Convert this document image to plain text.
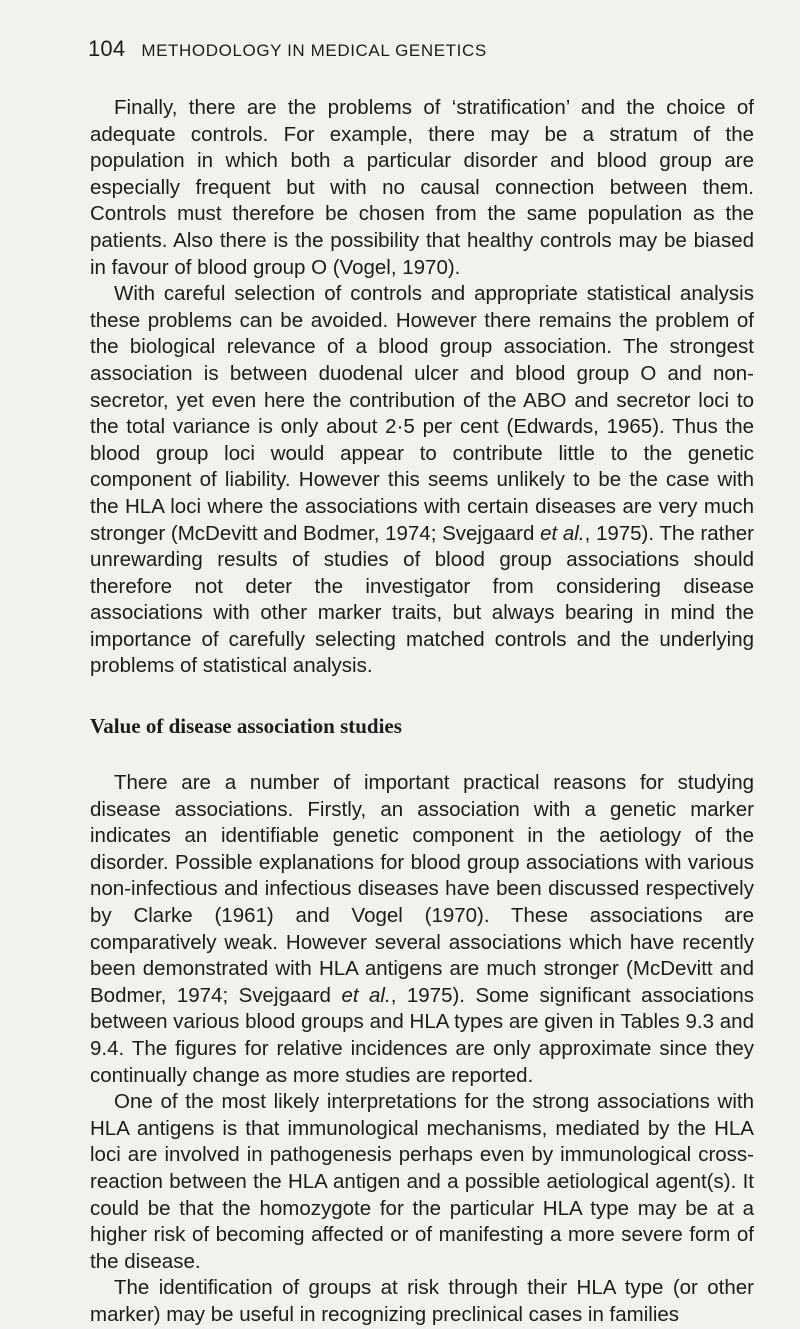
104 METHODOLOGY IN MEDICAL GENETICS

Finally, there are the problems of ‘stratification’ and the choice of adequate controls. For example, there may be a stratum of the population in which both a particular disorder and blood group are especially frequent but with no causal connection between them. Controls must therefore be chosen from the same population as the patients. Also there is the possibility that healthy controls may be biased in favour of blood group O (Vogel, 1970).

With careful selection of controls and appropriate statistical analysis these problems can be avoided. However there remains the problem of the biological relevance of a blood group association. The strongest association is between duodenal ulcer and blood group O and non-secretor, yet even here the contribution of the ABO and secretor loci to the total variance is only about 2·5 per cent (Edwards, 1965). Thus the blood group loci would appear to contribute little to the genetic component of liability. However this seems unlikely to be the case with the HLA loci where the associations with certain diseases are very much stronger (McDevitt and Bodmer, 1974; Svejgaard et al., 1975). The rather unrewarding results of studies of blood group associations should therefore not deter the investigator from considering disease associations with other marker traits, but always bearing in mind the importance of carefully selecting matched controls and the underlying problems of statistical analysis.

Value of disease association studies

There are a number of important practical reasons for studying disease associations. Firstly, an association with a genetic marker indicates an identifiable genetic component in the aetiology of the disorder. Possible explanations for blood group associations with various non-infectious and infectious diseases have been discussed respectively by Clarke (1961) and Vogel (1970). These associations are comparatively weak. However several associations which have recently been demonstrated with HLA antigens are much stronger (McDevitt and Bodmer, 1974; Svejgaard et al., 1975). Some significant associations between various blood groups and HLA types are given in Tables 9.3 and 9.4. The figures for relative incidences are only approximate since they continually change as more studies are reported.

One of the most likely interpretations for the strong associations with HLA antigens is that immunological mechanisms, mediated by the HLA loci are involved in pathogenesis perhaps even by immunological cross-reaction between the HLA antigen and a possible aetiological agent(s). It could be that the homozygote for the particular HLA type may be at a higher risk of becoming affected or of manifesting a more severe form of the disease.

The identification of groups at risk through their HLA type (or other marker) may be useful in recognizing preclinical cases in families
